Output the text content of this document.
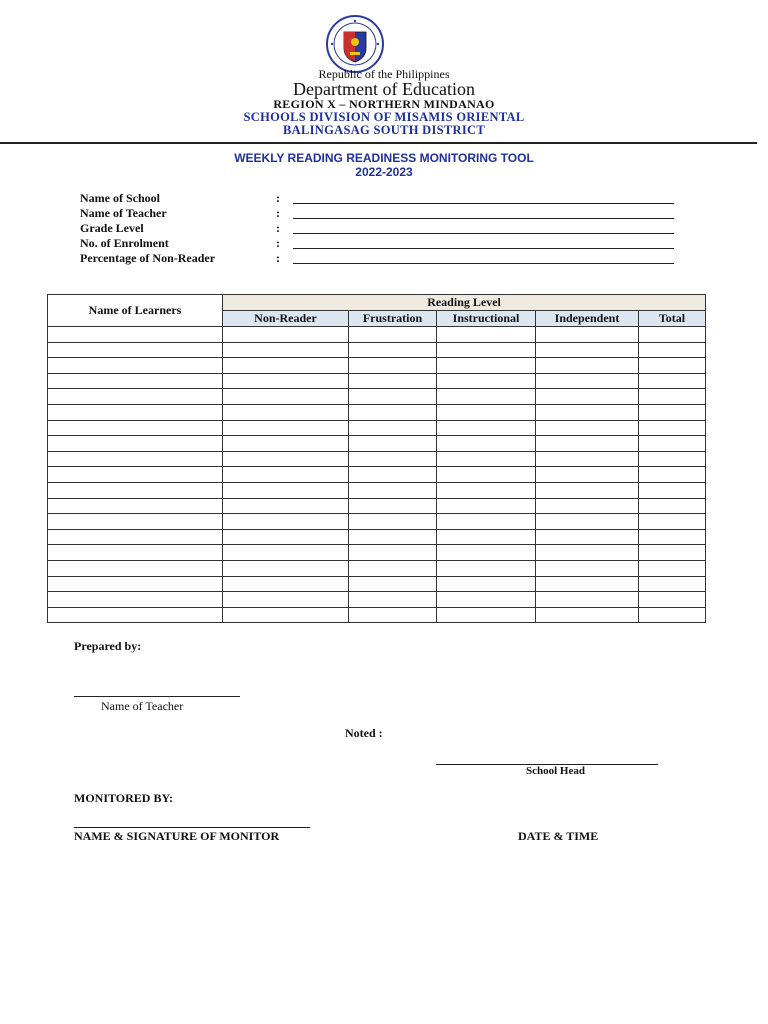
Republic of the Philippines
Department of Education
REGION X – NORTHERN MINDANAO
SCHOOLS DIVISION OF MISAMIS ORIENTAL
BALINGASAG SOUTH DISTRICT
WEEKLY READING READINESS MONITORING TOOL
2022-2023
Name of School	:
Name of Teacher	:
Grade Level	:
No. of Enrolment	:
Percentage of Non-Reader	:
Name of Learners	Reading Level				
	Non-Reader	Frustration	Instructional	Independent	Total

Prepared by:
Name of Teacher
Noted :
School Head
MONITORED BY:
NAME & SIGNATURE OF MONITOR	DATE & TIME
